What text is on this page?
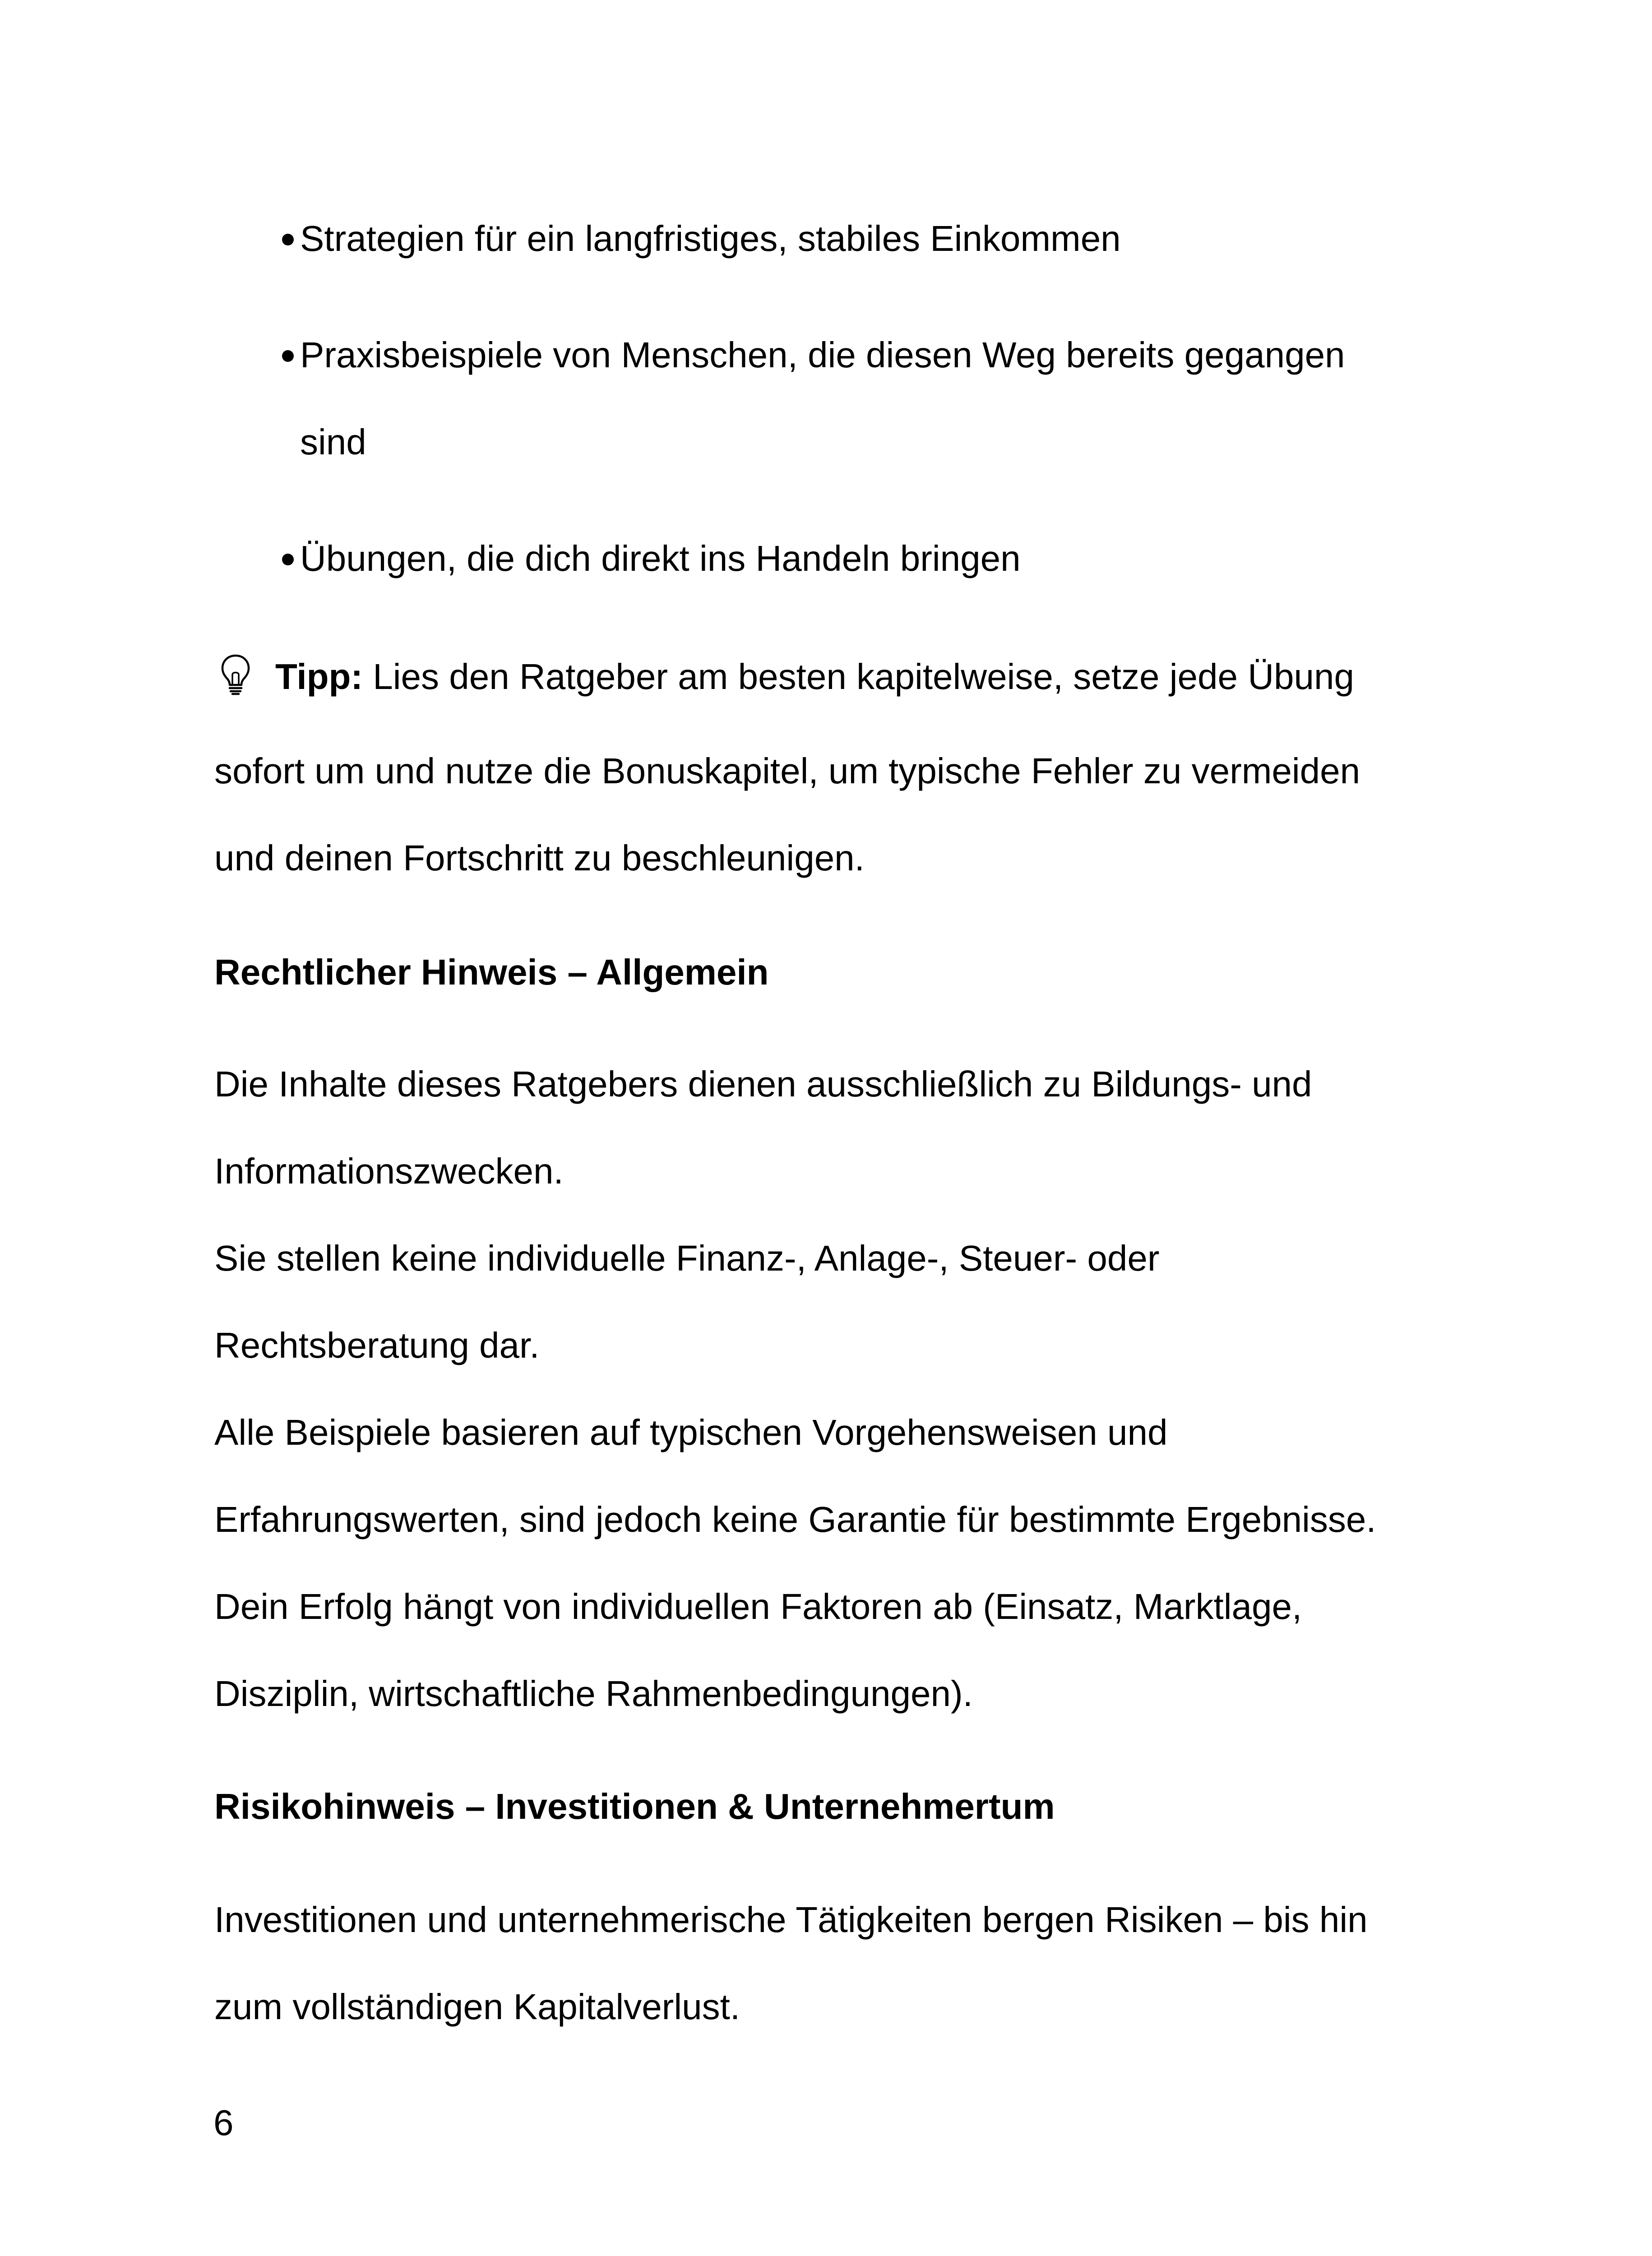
Strategien für ein langfristiges, stabiles Einkommen
Praxisbeispiele von Menschen, die diesen Weg bereits gegangen
sind
Übungen, die dich direkt ins Handeln bringen
Tipp: Lies den Ratgeber am besten kapitelweise, setze jede Übung
sofort um und nutze die Bonuskapitel, um typische Fehler zu vermeiden
und deinen Fortschritt zu beschleunigen.
Rechtlicher Hinweis – Allgemein
Die Inhalte dieses Ratgebers dienen ausschließlich zu Bildungs- und
Informationszwecken.
Sie stellen keine individuelle Finanz-, Anlage-, Steuer- oder
Rechtsberatung dar.
Alle Beispiele basieren auf typischen Vorgehensweisen und
Erfahrungswerten, sind jedoch keine Garantie für bestimmte Ergebnisse.
Dein Erfolg hängt von individuellen Faktoren ab (Einsatz, Marktlage,
Disziplin, wirtschaftliche Rahmenbedingungen).
Risikohinweis – Investitionen & Unternehmertum
Investitionen und unternehmerische Tätigkeiten bergen Risiken – bis hin
zum vollständigen Kapitalverlust.
6
